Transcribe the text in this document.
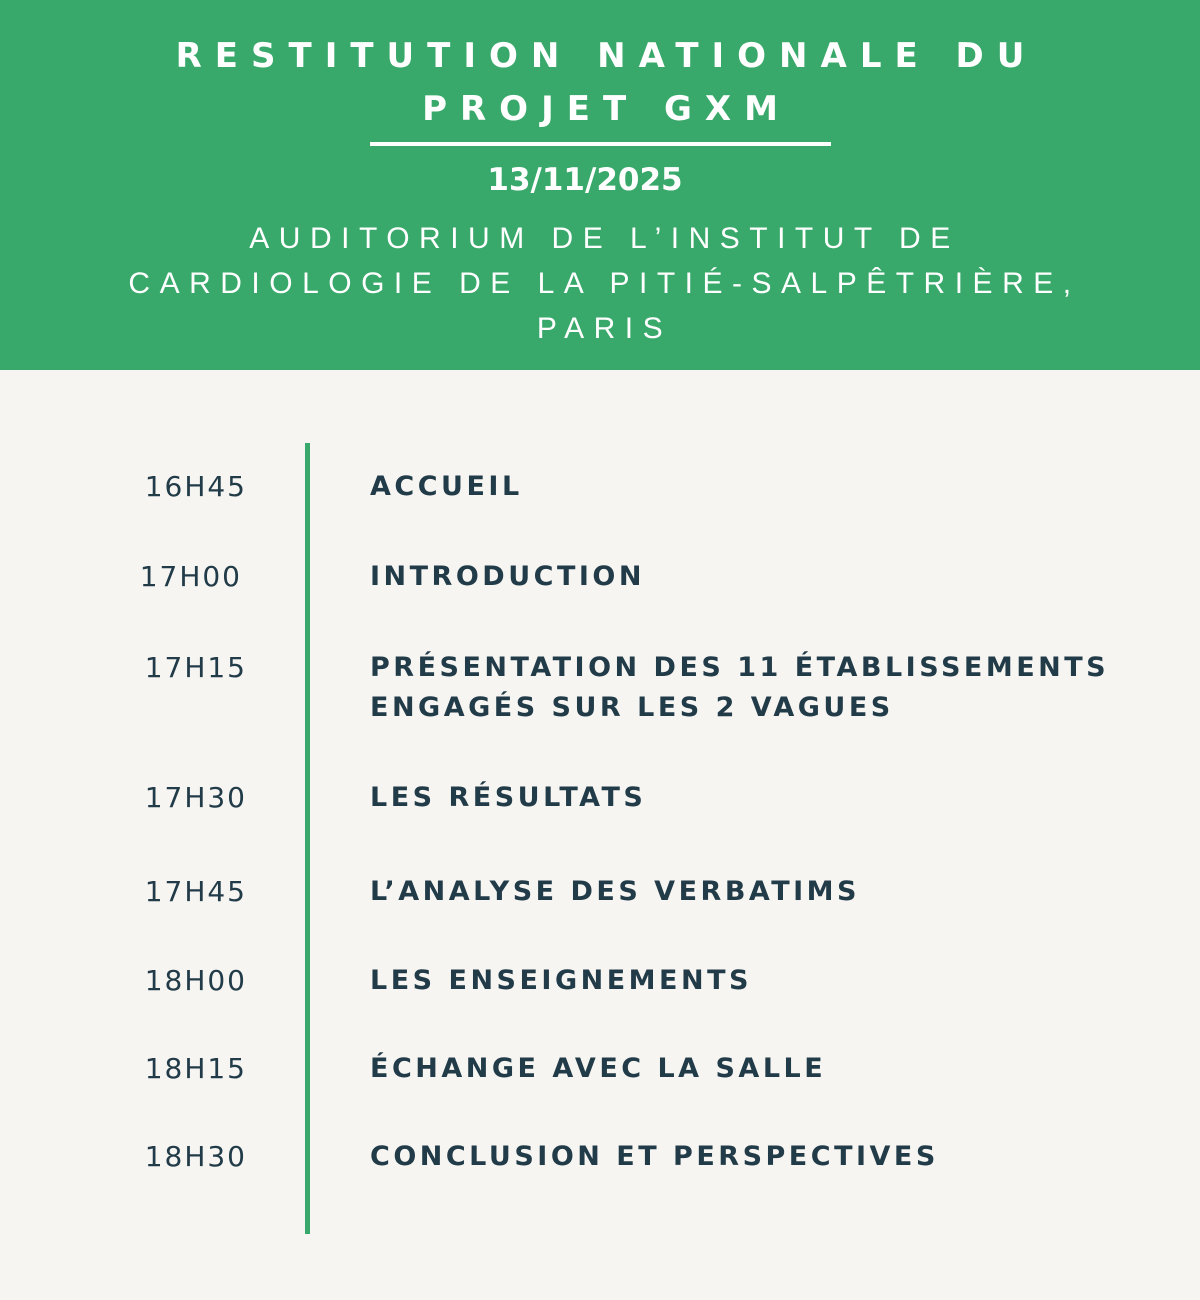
RESTITUTION NATIONALE DU
PROJET GXM
13/11/2025
AUDITORIUM DE L’INSTITUT DE
CARDIOLOGIE DE LA PITIÉ-SALPÊTRIÈRE,
PARIS
16H45	ACCUEIL
17H00	INTRODUCTION
17H15	PRÉSENTATION DES 11 ÉTABLISSEMENTS
ENGAGÉS SUR LES 2 VAGUES
17H30	LES RÉSULTATS
17H45	L’ANALYSE DES VERBATIMS
18H00	LES ENSEIGNEMENTS
18H15	ÉCHANGE AVEC LA SALLE
18H30	CONCLUSION ET PERSPECTIVES
